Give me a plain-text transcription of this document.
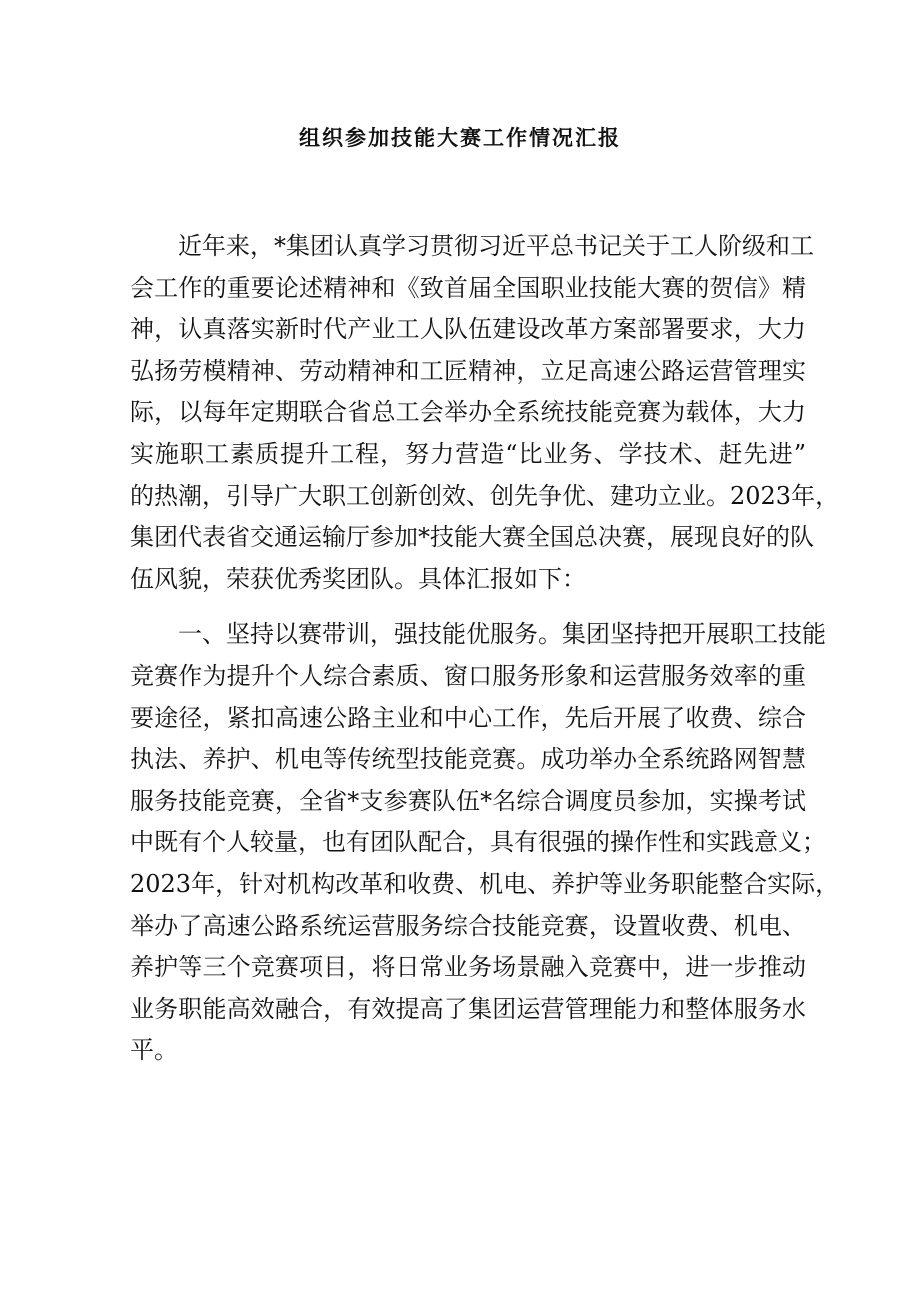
组织参加技能大赛工作情况汇报

近年来，*集团认真学习贯彻习近平总书记关于工人阶级和工
会工作的重要论述精神和《致首届全国职业技能大赛的贺信》精
神，认真落实新时代产业工人队伍建设改革方案部署要求，大力
弘扬劳模精神、劳动精神和工匠精神，立足高速公路运营管理实
际，以每年定期联合省总工会举办全系统技能竞赛为载体，大力
实施职工素质提升工程，努力营造“比业务、学技术、赶先进”
的热潮，引导广大职工创新创效、创先争优、建功立业。2023年，
集团代表省交通运输厅参加*技能大赛全国总决赛，展现良好的队
伍风貌，荣获优秀奖团队。具体汇报如下：

一、坚持以赛带训，强技能优服务。集团坚持把开展职工技能
竞赛作为提升个人综合素质、窗口服务形象和运营服务效率的重
要途径，紧扣高速公路主业和中心工作，先后开展了收费、综合
执法、养护、机电等传统型技能竞赛。成功举办全系统路网智慧
服务技能竞赛，全省*支参赛队伍*名综合调度员参加，实操考试
中既有个人较量，也有团队配合，具有很强的操作性和实践意义；
2023年，针对机构改革和收费、机电、养护等业务职能整合实际，
举办了高速公路系统运营服务综合技能竞赛，设置收费、机电、
养护等三个竞赛项目，将日常业务场景融入竞赛中，进一步推动
业务职能高效融合，有效提高了集团运营管理能力和整体服务水
平。
